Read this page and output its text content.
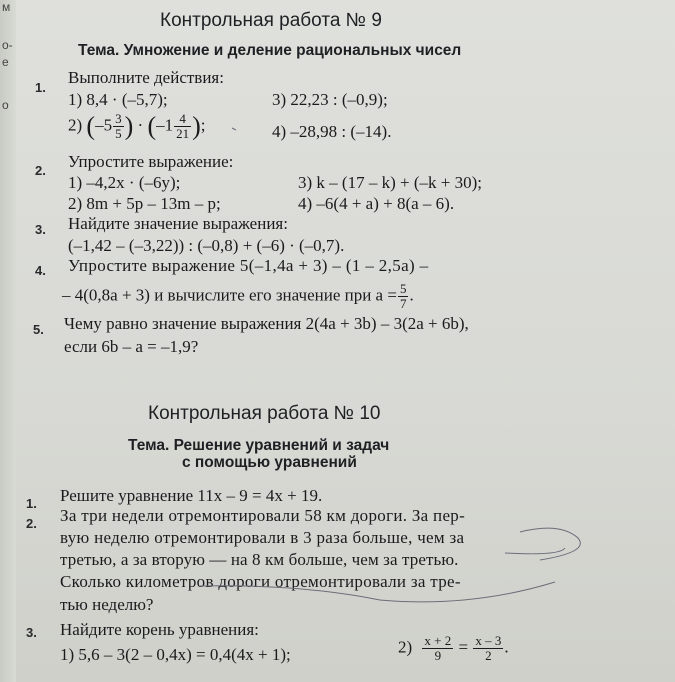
м
о-
е
о
Контрольная работа № 9
Тема. Умножение и деление рациональных чисел
1.
Выполните действия:
1) 8,4 · (–5,7);	3) 22,23 : (–0,9);
2) ($-5 \frac{3}{5}$ ) · ($-1 \frac{4}{21}$ );	4) –28,98 : (–14).
2. Упростите выражение:
1) –4,2x · (–6y);	3) k – (17 – k) + (–k + 30);
2) 8m + 5p – 13m – p;	4) –6(4 + a) + 8(a – 6).
3. Найдите значение выражения:
(–1,42 – (–3,22)) : (–0,8) + (–6) · (–0,7).
4. Упростите выражение 5(–1,4a + 3) – (1 – 2,5a) –
– 4(0,8a + 3) и вычислите его значение при $a = \frac{5}{7}$ .
5. Чему равно значение выражения 2(4a + 3b) – 3(2a + 6b),
если 6b – a = –1,9?
Контрольная работа № 10
Тема. Решение уравнений и задач
с помощью уравнений
1. Решите уравнение 11x – 9 = 4x + 19.
2. За три недели отремонтировали 58 км дороги. За пер-
вую неделю отремонтировали в 3 раза больше, чем за
третью, а за вторую — на 8 км больше, чем за третью.
Сколько километров дороги отремонтировали за тре-
тью неделю?
3. Найдите корень уравнения:
1) 5,6 – 3(2 – 0,4x) = 0,4(4x + 1);	$2) \frac{x + 2}{9} = \frac{x - 3}{2}$ .
